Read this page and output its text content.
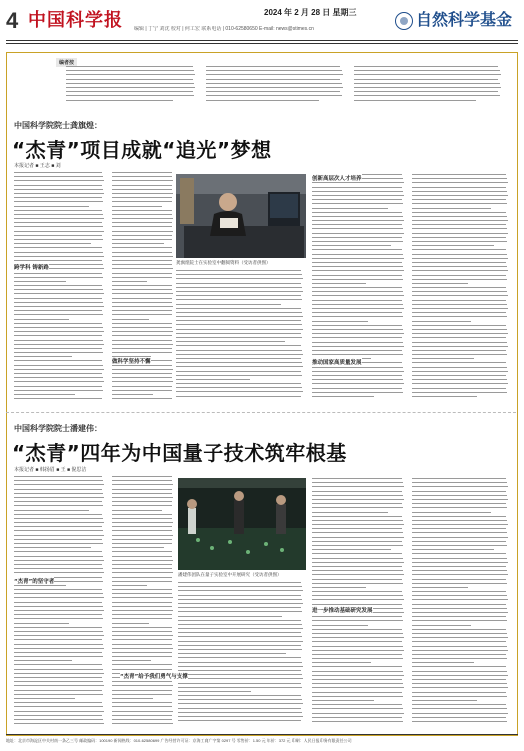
4 中国科学报	2024 年 2 月 28 日 星期三
编辑 | 丁宁 刘沈 校对 | 何工宏 联系电话 | 010-62580650 E-mail: news@stimes.cn	自然科学基金
编者按
中国科学院院士龚旗煌：
“杰青”项目成就“追光”梦想
本报记者 ■ 王志 ■ 刘
龚旗煌院士在实验室中翻阅资料（受访者供图）
跨学科 铸新路
创新高层次人才培养
做科学坚持不懈	推动国家高质量发展
中国科学院院士潘建伟：
“杰青”四年为中国量子技术筑牢根基
本报记者 ■ 韩扬眉 ■ 王 ■ 倪思洁
潘建伟团队在量子实验室中开展研究（受访者供图）
“杰青”的坚守者
“杰青”给予我们勇气与支撑
进一步推动基础研究发展
地址：北京市海淀区中关村南一条乙三号 邮政编码：100190 新闻热线：010-62580699 广告经营许可证：京海工商广字第 0297 号 零售价：1.50 元 年价：372 元 印刷：人民日报印务有限责任公司
